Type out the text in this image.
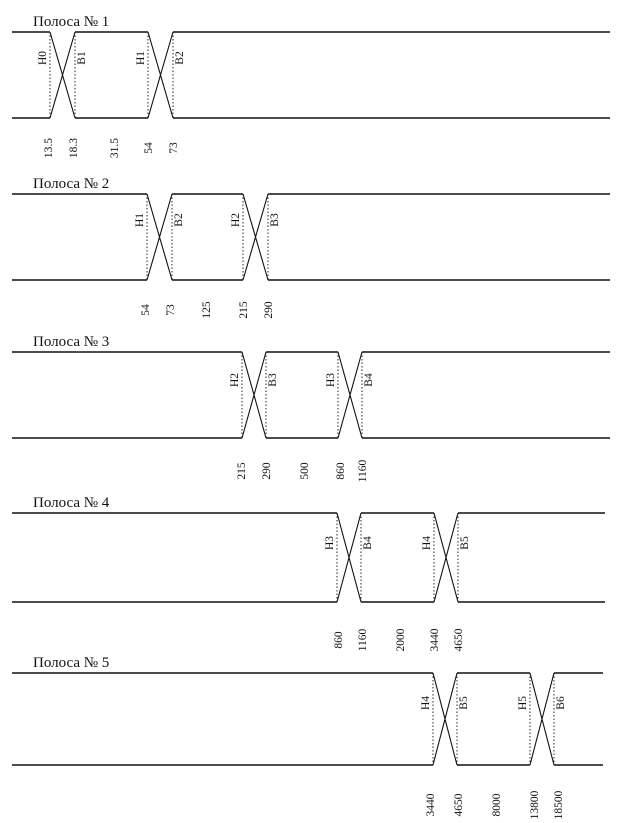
Полоса № 1
H0 B1	H1 B2
13.5 18.3	31.5 54 73
Полоса № 2
H1 B2	H2 B3
54 73 125 215 290
Полоса № 3
H2 B3	H3 B4
215 290 500 860 1160
Полоса № 4
H3 B4	H4 B5
860 1160 2000 3440 4650
Полоса № 5
H4 B5	H5 B6
3440 4650 8000 13800 18500
